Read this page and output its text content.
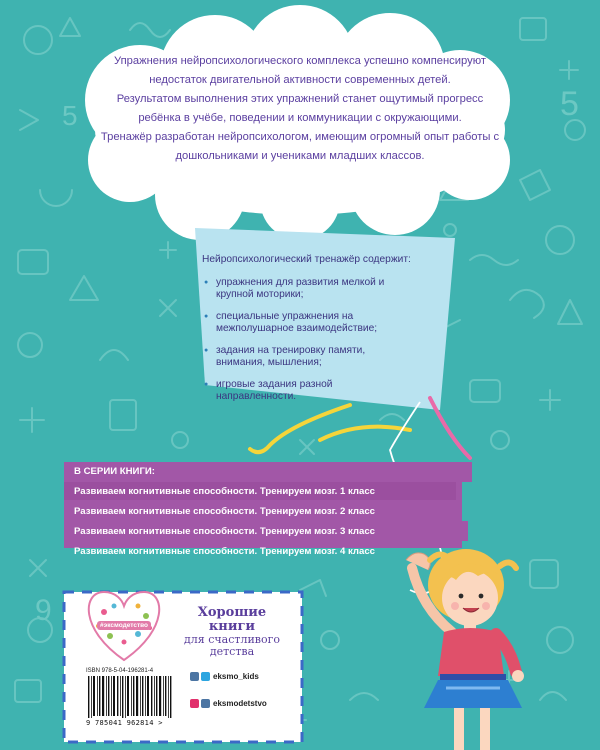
5
5
9

Упражнения нейропсихологического комплекса успешно компенсируют недостаток двигательной активности современных детей.

Результатом выполнения этих упражнений станет ощутимый прогресс ребёнка в учёбе, поведении и коммуникации с окружающими.

Тренажёр разработан нейропсихологом, имеющим огромный опыт работы с дошкольниками и учениками младших классов.

Нейропсихологический тренажёр содержит:

● упражнения для развития мелкой и крупной моторики;
● специальные упражнения на межполушарное взаимодействие;
● задания на тренировку памяти, внимания, мышления;
● игровые задания разной направленности.
В СЕРИИ КНИГИ:
Развиваем когнитивные способности. Тренируем мозг. 1 класс
Развиваем когнитивные способности. Тренируем мозг. 2 класс
Развиваем когнитивные способности. Тренируем мозг. 3 класс
Развиваем когнитивные способности. Тренируем мозг. 4 класс
#эксмодетство
Хорошие
книги
для счастливого
детства
ISBN 978-5-04-196281-4
9 785041 962814 >
eksmo_kids
eksmodetstvo
